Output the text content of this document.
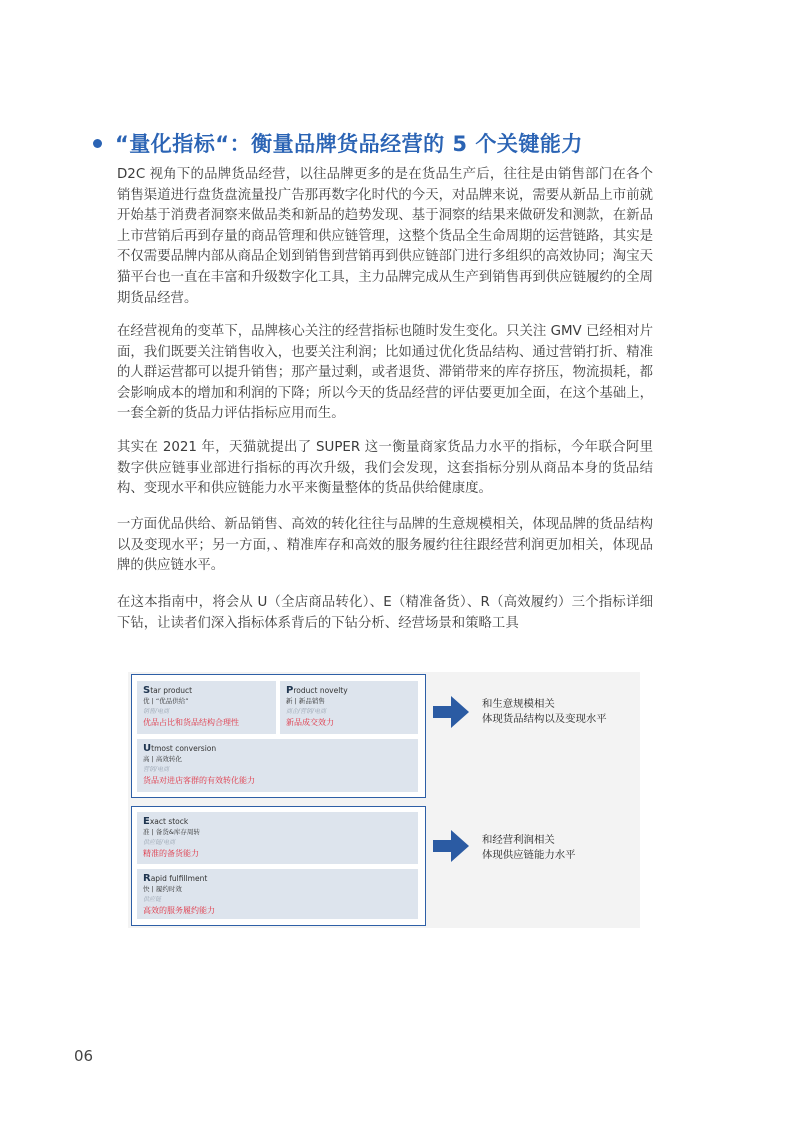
“量化指标“：衡量品牌货品经营的 5 个关键能力

D2C 视角下的品牌货品经营，以往品牌更多的是在货品生产后，往往是由销售部门在各个销售渠道进行盘货盘流量投广告那再数字化时代的今天，对品牌来说，需要从新品上市前就开始基于消费者洞察来做品类和新品的趋势发现、基于洞察的结果来做研发和测款，在新品上市营销后再到存量的商品管理和供应链管理，这整个货品全生命周期的运营链路，其实是不仅需要品牌内部从商品企划到销售到营销再到供应链部门进行多组织的高效协同；淘宝天猫平台也一直在丰富和升级数字化工具，主力品牌完成从生产到销售再到供应链履约的全周期货品经营。

在经营视角的变革下，品牌核心关注的经营指标也随时发生变化。只关注 GMV 已经相对片面，我们既要关注销售收入，也要关注利润；比如通过优化货品结构、通过营销打折、精准的人群运营都可以提升销售；那产量过剩，或者退货、滞销带来的库存挤压，物流损耗，都会影响成本的增加和利润的下降；所以今天的货品经营的评估要更加全面，在这个基础上，一套全新的货品力评估指标应用而生。

其实在 2021 年，天猫就提出了 SUPER 这一衡量商家货品力水平的指标，今年联合阿里数字供应链事业部进行指标的再次升级，我们会发现，这套指标分别从商品本身的货品结构、变现水平和供应链能力水平来衡量整体的货品供给健康度。

一方面优品供给、新品销售、高效的转化往往与品牌的生意规模相关，体现品牌的货品结构以及变现水平；另一方面，、精准库存和高效的服务履约往往跟经营利润更加相关，体现品牌的供应链水平。

在这本指南中，将会从 U（全店商品转化）、E（精准备货）、R（高效履约）三个指标详细下钻，让读者们深入指标体系背后的下钻分析、经营场景和策略工具

Star product
优 | “优品供给”
销售/电商
优品占比和货品结构合理性
Product novelty
新 | 新品销售
商企/营销/电商
新品成交效力
Utmost conversion
高 | 高效转化
营销/电商
货品对进店客群的有效转化能力
Exact stock
准 | 备货&库存周转
供应链/电商
精准的备货能力
Rapid fulfillment
快 | 履约时效
供应链
高效的服务履约能力
和生意规模相关
体现货品结构以及变现水平
和经营利润相关
体现供应链能力水平
06
